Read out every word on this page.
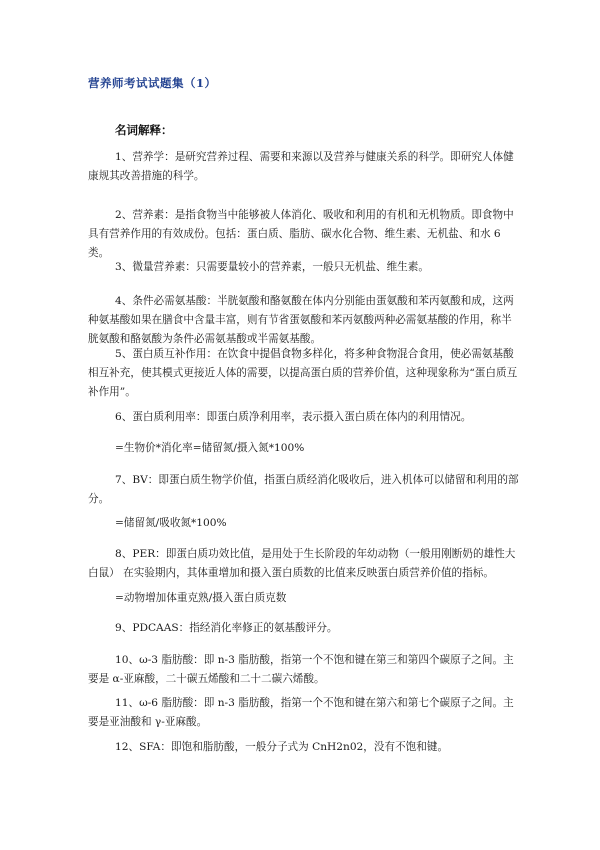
营养师考试试题集（1）
名词解释：

1、营养学：是研究营养过程、需要和来源以及营养与健康关系的科学。即研究人体健康规其改善措施的科学。

2、营养素：是指食物当中能够被人体消化、吸收和利用的有机和无机物质。即食物中具有营养作用的有效成份。包括：蛋白质、脂肪、碳水化合物、维生素、无机盐、和水 6 类。

3、微量营养素：只需要量较小的营养素，一般只无机盐、维生素。

4、条件必需氨基酸：半胱氨酸和酪氨酸在体内分别能由蛋氨酸和苯丙氨酸和成，这两种氨基酸如果在膳食中含量丰富，则有节省蛋氨酸和苯丙氨酸两种必需氨基酸的作用，称半胱氨酸和酪氨酸为条件必需氨基酸或半需氨基酸。

5、蛋白质互补作用：在饮食中提倡食物多样化，将多种食物混合食用，使必需氨基酸相互补充，使其模式更接近人体的需要，以提高蛋白质的营养价值，这种现象称为“蛋白质互补作用”。

6、蛋白质利用率：即蛋白质净利用率，表示摄入蛋白质在体内的利用情况。

=生物价*消化率=储留氮/摄入氮*100%

7、BV：即蛋白质生物学价值，指蛋白质经消化吸收后，进入机体可以储留和利用的部分。

=储留氮/吸收氮*100%

8、PER：即蛋白质功效比值，是用处于生长阶段的年幼动物（一般用刚断奶的雄性大白鼠） 在实验期内，其体重增加和摄入蛋白质数的比值来反映蛋白质营养价值的指标。

=动物增加体重克熟/摄入蛋白质克数

9、PDCAAS：指经消化率修正的氨基酸评分。

10、ω-3 脂肪酸：即 n-3 脂肪酸，指第一个不饱和键在第三和第四个碳原子之间。主要是 α-亚麻酸，二十碳五烯酸和二十二碳六烯酸。

11、ω-6 脂肪酸：即 n-3 脂肪酸，指第一个不饱和键在第六和第七个碳原子之间。主要是亚油酸和 γ-亚麻酸。

12、SFA：即饱和脂肪酸，一般分子式为 CnH2n02，没有不饱和键。
